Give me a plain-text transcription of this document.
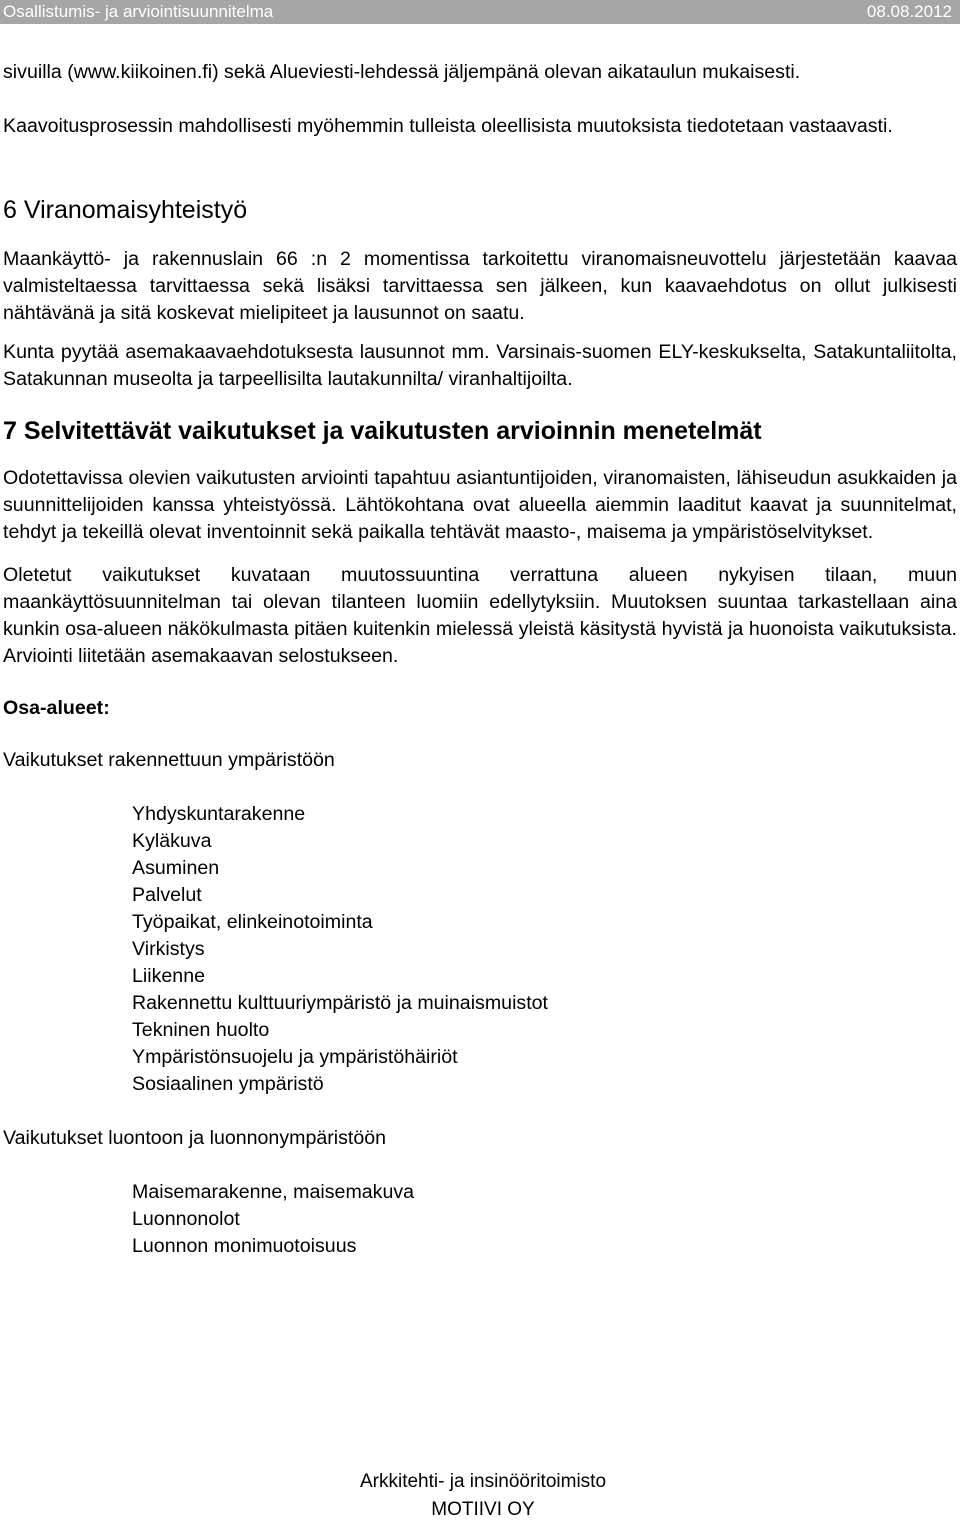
Osallistumis- ja arviointisuunnitelma	08.08.2012

sivuilla (www.kiikoinen.fi) sekä Alueviesti-lehdessä jäljempänä olevan aikataulun mukaisesti.

Kaavoitusprosessin mahdollisesti myöhemmin tulleista oleellisista muutoksista tiedotetaan vastaavasti.

6 Viranomaisyhteistyö

Maankäyttö- ja rakennuslain 66 :n 2 momentissa tarkoitettu viranomaisneuvottelu järjestetään kaavaa valmisteltaessa tarvittaessa sekä lisäksi tarvittaessa sen jälkeen, kun kaavaehdotus on ollut julkisesti nähtävänä ja sitä koskevat mielipiteet ja lausunnot on saatu.

Kunta pyytää asemakaavaehdotuksesta lausunnot mm. Varsinais-suomen ELY-keskukselta, Satakuntaliitolta, Satakunnan museolta ja tarpeellisilta lautakunnilta/ viranhaltijoilta.

7 Selvitettävät vaikutukset ja vaikutusten arvioinnin menetelmät

Odotettavissa olevien vaikutusten arviointi tapahtuu asiantuntijoiden, viranomaisten, lähiseudun asukkaiden ja suunnittelijoiden kanssa yhteistyössä. Lähtökohtana ovat alueella aiemmin laaditut kaavat ja suunnitelmat, tehdyt ja tekeillä olevat inventoinnit sekä paikalla tehtävät maasto-, maisema ja ympäristöselvitykset.

Oletetut vaikutukset kuvataan muutossuuntina verrattuna alueen nykyisen tilaan, muun maankäyttösuunnitelman tai olevan tilanteen luomiin edellytyksiin. Muutoksen suuntaa tarkastellaan aina kunkin osa-alueen näkökulmasta pitäen kuitenkin mielessä yleistä käsitystä hyvistä ja huonoista vaikutuksista. Arviointi liitetään asemakaavan selostukseen.

Osa-alueet:
Vaikutukset rakennettuun ympäristöön
Yhdyskuntarakenne
Kyläkuva
Asuminen
Palvelut
Työpaikat, elinkeinotoiminta
Virkistys
Liikenne
Rakennettu kulttuuriympäristö ja muinaismuistot
Tekninen huolto
Ympäristönsuojelu ja ympäristöhäiriöt
Sosiaalinen ympäristö
Vaikutukset luontoon ja luonnonympäristöön
Maisemarakenne, maisemakuva
Luonnonolot
Luonnon monimuotoisuus
Arkkitehti- ja insinööritoimisto
MOTIIVI OY
